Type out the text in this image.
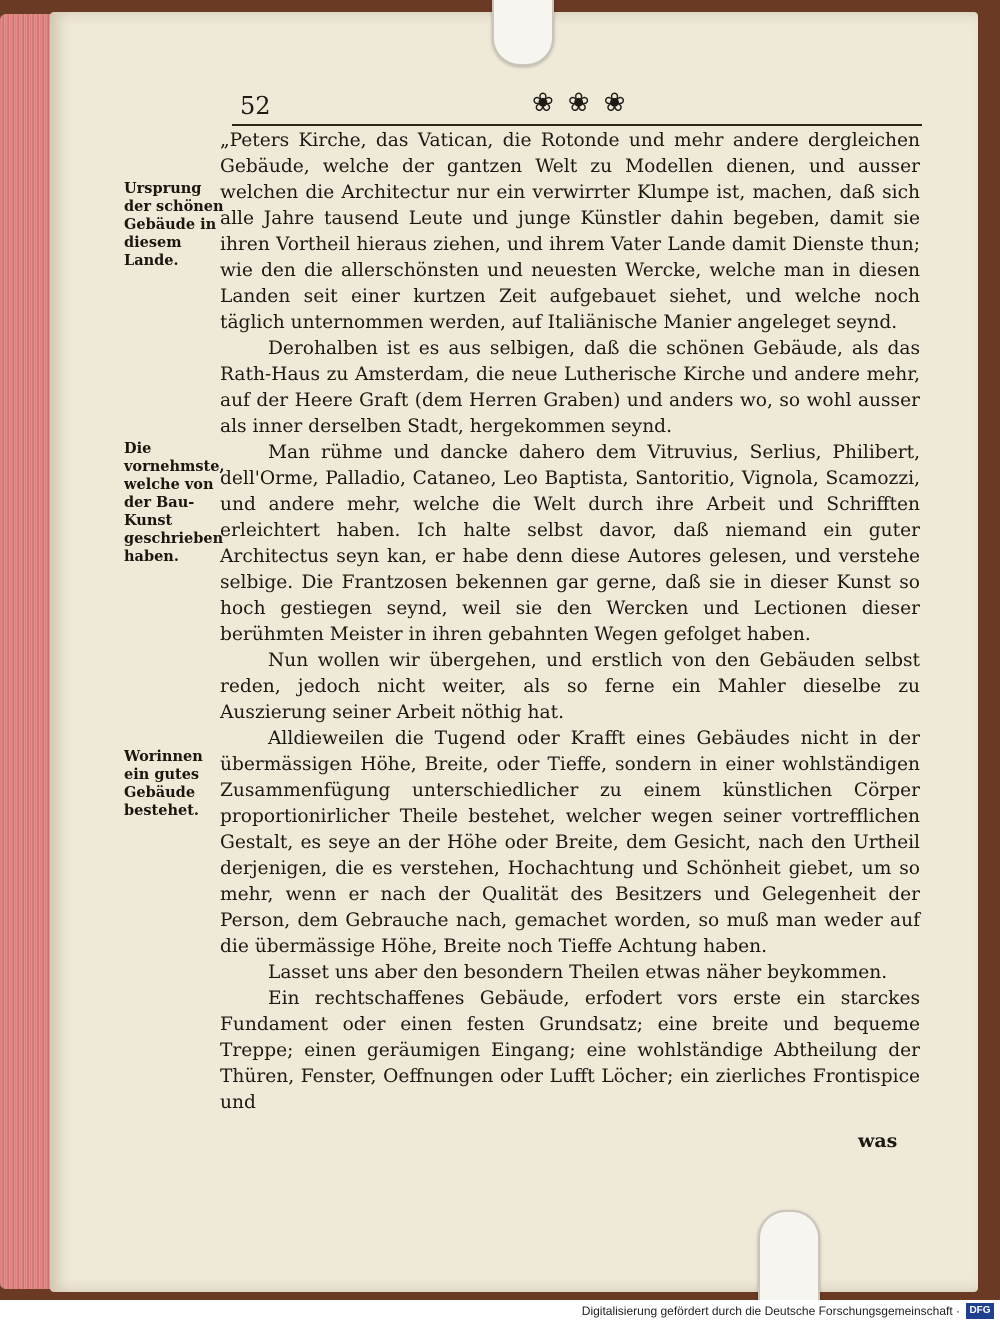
52	❀❀❀
Ursprung der schönen Gebäude in diesem Lande.
Die vornehmste, welche von der Bau-Kunst geschrieben haben.
Worinnen ein gutes Gebäude bestehet.

„Peters Kirche, das Vatican, die Rotonde und mehr andere dergleichen Gebäude, welche der gantzen Welt zu Modellen dienen, und ausser welchen die Architectur nur ein verwirrter Klumpe ist, machen, daß sich alle Jahre tausend Leute und junge Künstler dahin begeben, damit sie ihren Vortheil hieraus ziehen, und ihrem Vater Lande damit Dienste thun; wie den die allerschönsten und neuesten Wercke, welche man in diesen Landen seit einer kurtzen Zeit aufgebauet siehet, und welche noch täglich unternommen werden, auf Italiänische Manier angeleget seynd.

Derohalben ist es aus selbigen, daß die schönen Gebäude, als das Rath-Haus zu Amsterdam, die neue Lutherische Kirche und andere mehr, auf der Heere Graft (dem Herren Graben) und anders wo, so wohl ausser als inner derselben Stadt, hergekommen seynd.

Man rühme und dancke dahero dem Vitruvius, Serlius, Philibert, dell'Orme, Palladio, Cataneo, Leo Baptista, Santoritio, Vignola, Scamozzi, und andere mehr, welche die Welt durch ihre Arbeit und Schrifften erleichtert haben. Ich halte selbst davor, daß niemand ein guter Architectus seyn kan, er habe denn diese Autores gelesen, und verstehe selbige. Die Frantzosen bekennen gar gerne, daß sie in dieser Kunst so hoch gestiegen seynd, weil sie den Wercken und Lectionen dieser berühmten Meister in ihren gebahnten Wegen gefolget haben.

Nun wollen wir übergehen, und erstlich von den Gebäuden selbst reden, jedoch nicht weiter, als so ferne ein Mahler dieselbe zu Auszierung seiner Arbeit nöthig hat.

Alldieweilen die Tugend oder Krafft eines Gebäudes nicht in der übermässigen Höhe, Breite, oder Tieffe, sondern in einer wohlständigen Zusammenfügung unterschiedlicher zu einem künstlichen Cörper proportionirlicher Theile bestehet, welcher wegen seiner vortrefflichen Gestalt, es seye an der Höhe oder Breite, dem Gesicht, nach den Urtheil derjenigen, die es verstehen, Hochachtung und Schönheit giebet, um so mehr, wenn er nach der Qualität des Besitzers und Gelegenheit der Person, dem Gebrauche nach, gemachet worden, so muß man weder auf die übermässige Höhe, Breite noch Tieffe Achtung haben.

Lasset uns aber den besondern Theilen etwas näher beykommen.

Ein rechtschaffenes Gebäude, erfodert vors erste ein starckes Fundament oder einen festen Grundsatz; eine breite und bequeme Treppe; einen geräumigen Eingang; eine wohlständige Abtheilung der Thüren, Fenster, Oeffnungen oder Lufft Löcher; ein zierliches Frontispice und

was
Digitalisierung gefördert durch die Deutsche Forschungsgemeinschaft · DFG
